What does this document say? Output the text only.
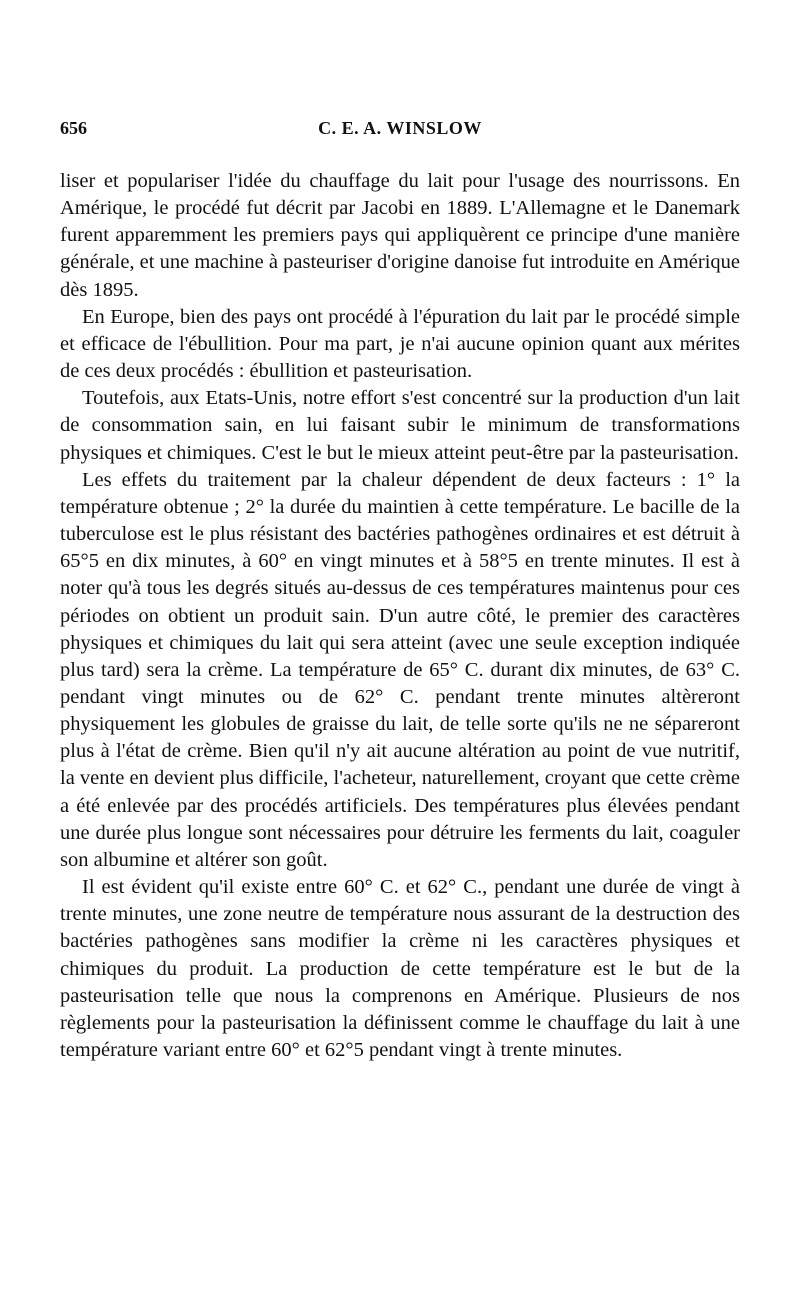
656	C. E. A. WINSLOW

liser et populariser l'idée du chauffage du lait pour l'usage des nourrissons. En Amérique, le procédé fut décrit par Jacobi en 1889. L'Allemagne et le Danemark furent apparemment les premiers pays qui appliquèrent ce principe d'une manière générale, et une machine à pasteuriser d'origine danoise fut introduite en Amérique dès 1895.

En Europe, bien des pays ont procédé à l'épuration du lait par le procédé simple et efficace de l'ébullition. Pour ma part, je n'ai aucune opinion quant aux mérites de ces deux procédés : ébullition et pasteurisation.

Toutefois, aux Etats-Unis, notre effort s'est concentré sur la production d'un lait de consommation sain, en lui faisant subir le minimum de transformations physiques et chimiques. C'est le but le mieux atteint peut-être par la pasteurisation.

Les effets du traitement par la chaleur dépendent de deux facteurs : 1° la température obtenue ; 2° la durée du maintien à cette température. Le bacille de la tuberculose est le plus résistant des bactéries pathogènes ordinaires et est détruit à 65°5 en dix minutes, à 60° en vingt minutes et à 58°5 en trente minutes. Il est à noter qu'à tous les degrés situés au-dessus de ces températures maintenus pour ces périodes on obtient un produit sain. D'un autre côté, le premier des caractères physiques et chimiques du lait qui sera atteint (avec une seule exception indiquée plus tard) sera la crème. La température de 65° C. durant dix minutes, de 63° C. pendant vingt minutes ou de 62° C. pendant trente minutes altèreront physiquement les globules de graisse du lait, de telle sorte qu'ils ne ne sépareront plus à l'état de crème. Bien qu'il n'y ait aucune altération au point de vue nutritif, la vente en devient plus difficile, l'acheteur, naturellement, croyant que cette crème a été enlevée par des procédés artificiels. Des températures plus élevées pendant une durée plus longue sont nécessaires pour détruire les ferments du lait, coaguler son albumine et altérer son goût.

Il est évident qu'il existe entre 60° C. et 62° C., pendant une durée de vingt à trente minutes, une zone neutre de température nous assurant de la destruction des bactéries pathogènes sans modifier la crème ni les caractères physiques et chimiques du produit. La production de cette température est le but de la pasteurisation telle que nous la comprenons en Amérique. Plusieurs de nos règlements pour la pasteurisation la définissent comme le chauffage du lait à une température variant entre 60° et 62°5 pendant vingt à trente minutes.
